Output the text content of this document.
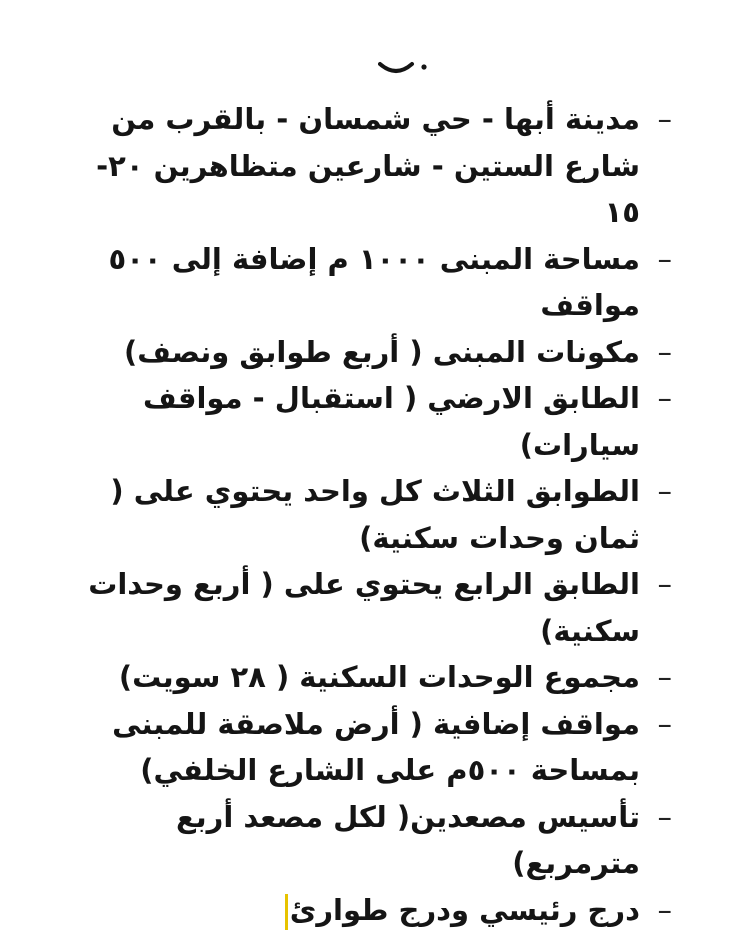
–
مدينة أبها - حي شمسان - بالقرب من شارع الستين - شارعين متظاهرين ٢٠- ١٥
–
مساحة المبنى ١٠٠٠ م إضافة إلى ٥٠٠ مواقف
–
مكونات المبنى ( أربع طوابق ونصف)
–
الطابق الارضي ( استقبال - مواقف سيارات)
–
الطوابق الثلاث كل واحد يحتوي على ( ثمان وحدات سكنية)
–
الطابق الرابع يحتوي على ( أربع وحدات سكنية)
–
مجموع الوحدات السكنية ( ٢٨ سويت)
–
مواقف إضافية ( أرض ملاصقة للمبنى بمساحة ٥٠٠م على الشارع الخلفي)
–
تأسيس مصعدين( لكل مصعد أربع مترمربع)
–
درج رئيسي ودرج طوارئ
